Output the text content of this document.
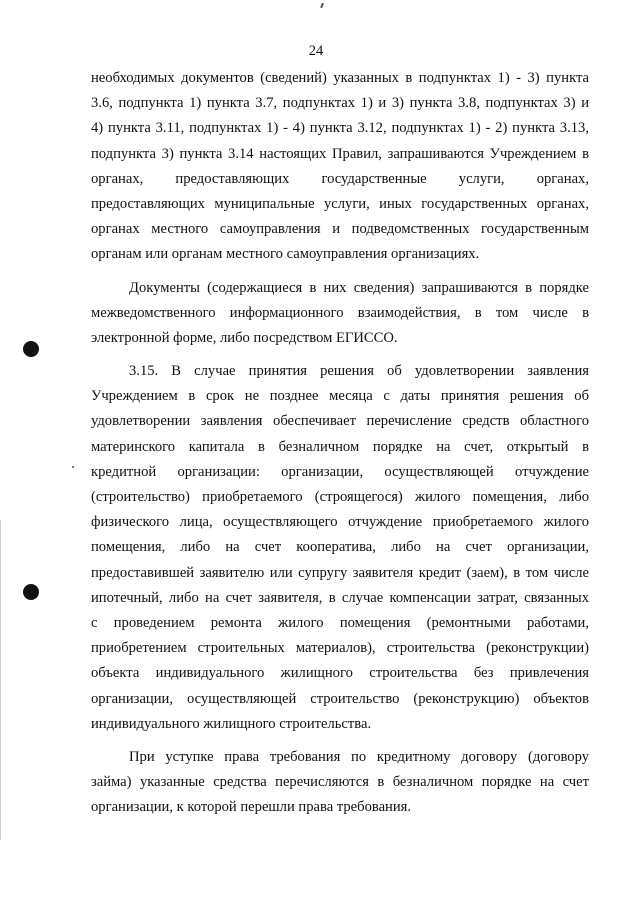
24
необходимых документов (сведений) указанных в подпунктах 1) - 3) пункта
3.6, подпункта 1) пункта 3.7, подпунктах 1) и 3) пункта 3.8, подпунктах 3) и
4) пункта 3.11, подпунктах 1) - 4) пункта 3.12, подпунктах 1) - 2) пункта 3.13,
подпункта 3) пункта 3.14 настоящих Правил, запрашиваются Учреждением в
органах, предоставляющих государственные услуги, органах,
предоставляющих муниципальные услуги, иных государственных органах,
органах местного самоуправления и подведомственных государственным
органам или органам местного самоуправления организациях.
Документы (содержащиеся в них сведения) запрашиваются в порядке
межведомственного информационного взаимодействия, в том числе в
электронной форме, либо посредством ЕГИССО.
3.15. В случае принятия решения об удовлетворении заявления
Учреждением в срок не позднее месяца с даты принятия решения об
удовлетворении заявления обеспечивает перечисление средств областного
материнского капитала в безналичном порядке на счет, открытый в
кредитной организации: организации, осуществляющей отчуждение
(строительство) приобретаемого (строящегося) жилого помещения, либо
физического лица, осуществляющего отчуждение приобретаемого жилого
помещения, либо на счет кооператива, либо на счет организации,
предоставившей заявителю или супругу заявителя кредит (заем), в том числе
ипотечный, либо на счет заявителя, в случае компенсации затрат, связанных
с проведением ремонта жилого помещения (ремонтными работами,
приобретением строительных материалов), строительства (реконструкции)
объекта индивидуального жилищного строительства без привлечения
организации, осуществляющей строительство (реконструкцию) объектов
индивидуального жилищного строительства.
При уступке права требования по кредитному договору (договору
займа) указанные средства перечисляются в безналичном порядке на счет
организации, к которой перешли права требования.
